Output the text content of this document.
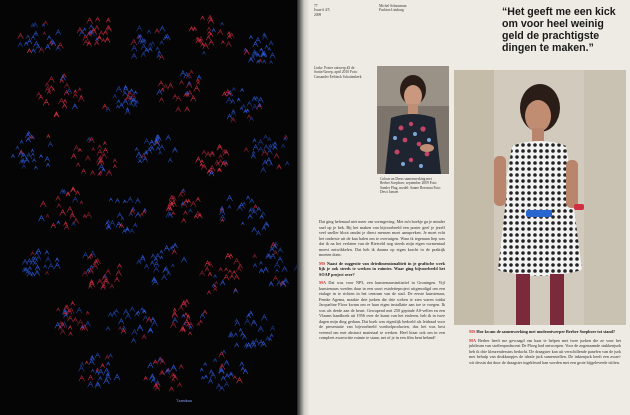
Tzanikou
77
Issue # 4/5
2009
Michel Schuurman
Fashion Limburg	“Het geeft me een kick om voor heel weinig geld de prachtigste dingen te maken.”
Links: Poster ontwerp #2 de Sortie/Groep, april 2010 Foto: Cassander Eeftinck Schattenkerk
Colour on Dress samenwerking met Berber Soepboer, september 2009 Foto: Sander Plug, model: Sanne Boersma Foto: Dewi Jansen

Dat ging helemaal niet meer om vormgeving. Met m'n boekje ga je minder snel op je bek. Bij het maken van bijvoorbeeld een poster geef je jezelf veel sneller bloot omdat je direct mensen moet aanspreken. Je moet echt het onderste uit de kan halen om te overtuigen. Waar ik tegenaan liep was dat ik na het verlaten van de Rietveld nog steeds mijn eigen vormentaal moest ontwikkelen. Dat heb ik daarna op eigen kracht in de praktijk moeten doen.

MS Naast de suggestie van driedimensionaliteit in je grafische werk lijk je ook steeds te werken in ruimtes. Waar ging bijvoorbeeld het SOAP project over?

MA Dat was voor NP3, een kunstenaarsinitiatief in Groningen. Vijf kunstenaars werden daar in een soort estafetteproject uitgenodigd om een etalage in te richten in het centrum van de stad. De eerste kunstenaar, Femke Agema, maakte drie jurken die drie weken te zien waren totdat Jacqueline Floor kwam om er haar eigen installatie aan toe te voegen. Ik was als derde aan de beurt. Gewapend met 250 gepinde A0-vellen en een Vlaams handboek uit 1956 over de kunst van het etaleren, heb ik in twee dagen mijn ding gedaan. Dat boek was eigenlijk bedoeld als leidraad voor de presentatie van bijvoorbeeld voedselproducten, dus het was best vreemd om met abstract materiaal te werken. Heel bizar ook om in een compleet zwartwitte ruimte te staan, net of je in een film bent beland!

MS Hoe kwam de samenwerking met modeontwerper Berber Soepboer tot stand?

MA Berber heeft me gevraagd om haar te helpen met twee jurken die ze voor het jubileum van stoffenproducent De Ploeg had ontworpen. Voor de zogenaamde stukkenjurk heb ik drie kleurendessins bedacht. De draagster kan uit verschillende panelen van de jurk met behulp van drukknopjes de ideale jurk samenstellen. De inktenjurk heeft een zwart-wit dessin dat door de draagster ingekleurd kan worden met een grote bijgeleverde stiften.
